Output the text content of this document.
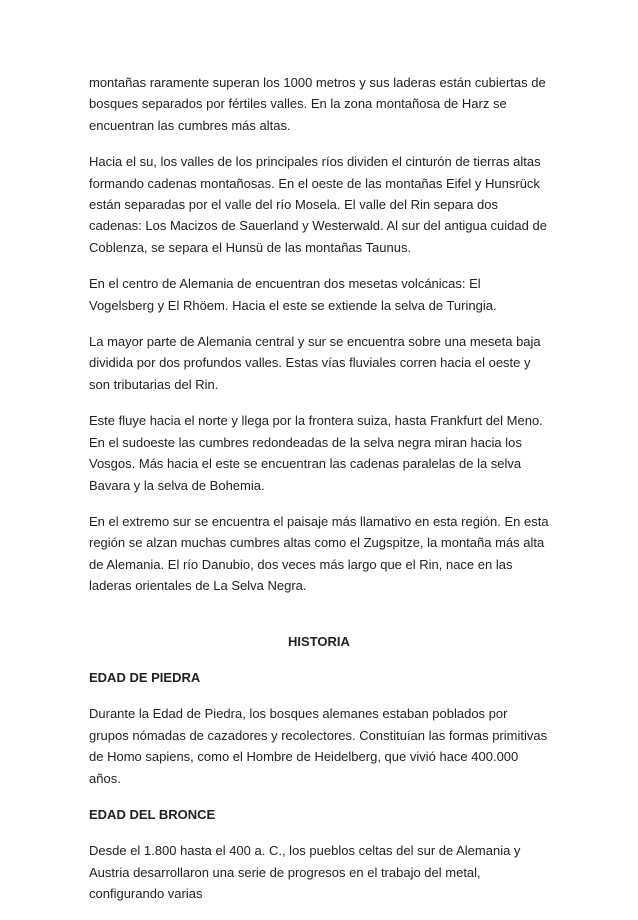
montañas raramente superan los 1000 metros y sus laderas están cubiertas de bosques separados por fértiles valles. En la zona montañosa de Harz se encuentran las cumbres más altas.

Hacia el su, los valles de los principales ríos dividen el cinturón de tierras altas formando cadenas montañosas. En el oeste de las montañas Eifel y Hunsrück están separadas por el valle del río Mosela. El valle del Rin separa dos cadenas: Los Macizos de Sauerland y Westerwald. Al sur del antigua cuidad de Coblenza, se separa el Hunsü de las montañas Taunus.

En el centro de Alemania de encuentran dos mesetas volcánicas: El Vogelsberg y El Rhöem. Hacia el este se extiende la selva de Turingia.

La mayor parte de Alemania central y sur se encuentra sobre una meseta baja dividida por dos profundos valles. Estas vías fluviales corren hacia el oeste y son tributarias del Rin.

Este fluye hacia el norte y llega por la frontera suiza, hasta Frankfurt del Meno. En el sudoeste las cumbres redondeadas de la selva negra miran hacia los Vosgos. Más hacia el este se encuentran las cadenas paralelas de la selva Bavara y la selva de Bohemia.

En el extremo sur se encuentra el paisaje más llamativo en esta región. En esta región se alzan muchas cumbres altas como el Zugspitze, la montaña más alta de Alemania. El río Danubio, dos veces más largo que el Rin, nace en las laderas orientales de La Selva Negra.

HISTORIA
EDAD DE PIEDRA

Durante la Edad de Piedra, los bosques alemanes estaban poblados por grupos nómadas de cazadores y recolectores. Constituían las formas primitivas de Homo sapiens, como el Hombre de Heidelberg, que vivió hace 400.000 años.

EDAD DEL BRONCE

Desde el 1.800 hasta el 400 a. C., los pueblos celtas del sur de Alemania y Austria desarrollaron una serie de progresos en el trabajo del metal, configurando varias
